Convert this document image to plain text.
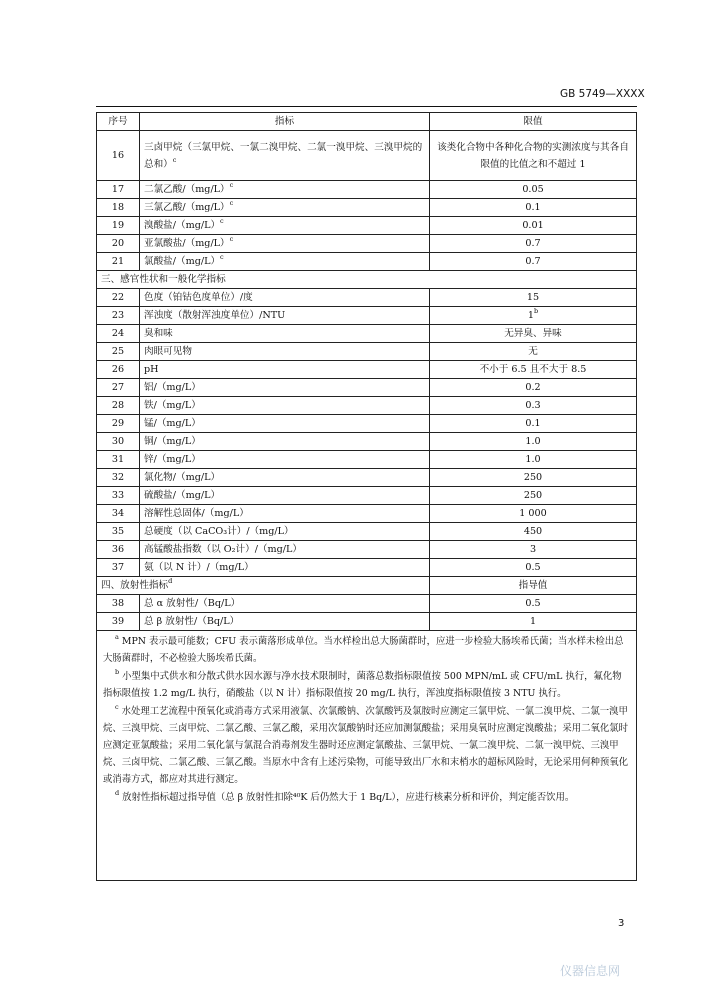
GB 5749—XXXX
序号	指标	限值
16	三卤甲烷（三氯甲烷、一氯二溴甲烷、二氯一溴甲烷、三溴甲烷的总和）$^c$	该类化合物中各种化合物的实测浓度与其各自限值的比值之和不超过 1
17	二氯乙酸$/(mg/L)^c$	0.05
18	三氯乙酸$/(mg/L)^c$	0.1
19	溴酸盐$/(mg/L)^c$	0.01
20	亚氯酸盐$/(mg/L)^c$	0.7
21	氯酸盐$/(mg/L)^c$	0.7
三、感官性状和一般化学指标		
22	色度（铂钴色度单位）/度	15
23	浑浊度（散射浑浊度单位）/NTU	1$^b$
24	臭和味	无异臭、异味
25	肉眼可见物	无
26	pH	不小于 6.5 且不大于 8.5
27	铝/（mg/L）	0.2
28	铁/（mg/L）	0.3
29	锰/（mg/L）	0.1
30	铜/（mg/L）	1.0
31	锌/（mg/L）	1.0
32	氯化物/（mg/L）	250
33	硫酸盐/（mg/L）	250
34	溶解性总固体/（mg/L）	1 000
35	总硬度（以 CaCO₃计）/（mg/L）	450
36	高锰酸盐指数（以 O₂计）/（mg/L）	3
37	氨（以 N 计）/（mg/L）	0.5
四、放射性指标$^d$		指导值
38	总 α 放射性/（Bq/L）	0.5
39	总 β 放射性/（Bq/L）	1

$^a$ MPN 表示最可能数；CFU 表示菌落形成单位。当水样检出总大肠菌群时，应进一步检验大肠埃希氏菌；当水样未检出总大肠菌群时，不必检验大肠埃希氏菌。
$^b$ 小型集中式供水和分散式供水因水源与净水技术限制时，菌落总数指标限值按 500 MPN/mL 或 CFU/mL 执行，氟化物指标限值按 1.2 mg/L 执行，硝酸盐（以 N 计）指标限值按 20 mg/L 执行，浑浊度指标限值按 3 NTU 执行。
$^c$ 水处理工艺流程中预氧化或消毒方式采用液氯、次氯酸钠、次氯酸钙及氯胺时应测定三氯甲烷、一氯二溴甲烷、二氯一溴甲烷、三溴甲烷、三卤甲烷、二氯乙酸、三氯乙酸，采用次氯酸钠时还应加测氯酸盐；采用臭氧时应测定溴酸盐；采用二氧化氯时应测定亚氯酸盐；采用二氧化氯与氯混合消毒剂发生器时还应测定氯酸盐、三氯甲烷、一氯二溴甲烷、二氯一溴甲烷、三溴甲烷、三卤甲烷、二氯乙酸、三氯乙酸。当原水中含有上述污染物，可能导致出厂水和末梢水的超标风险时，无论采用何种预氧化或消毒方式，都应对其进行测定。
$^d$ 放射性指标超过指导值（总 β 放射性扣除⁴⁰K 后仍然大于 1 Bq/L），应进行核素分析和评价，判定能否饮用。		
3
仪器信息网
